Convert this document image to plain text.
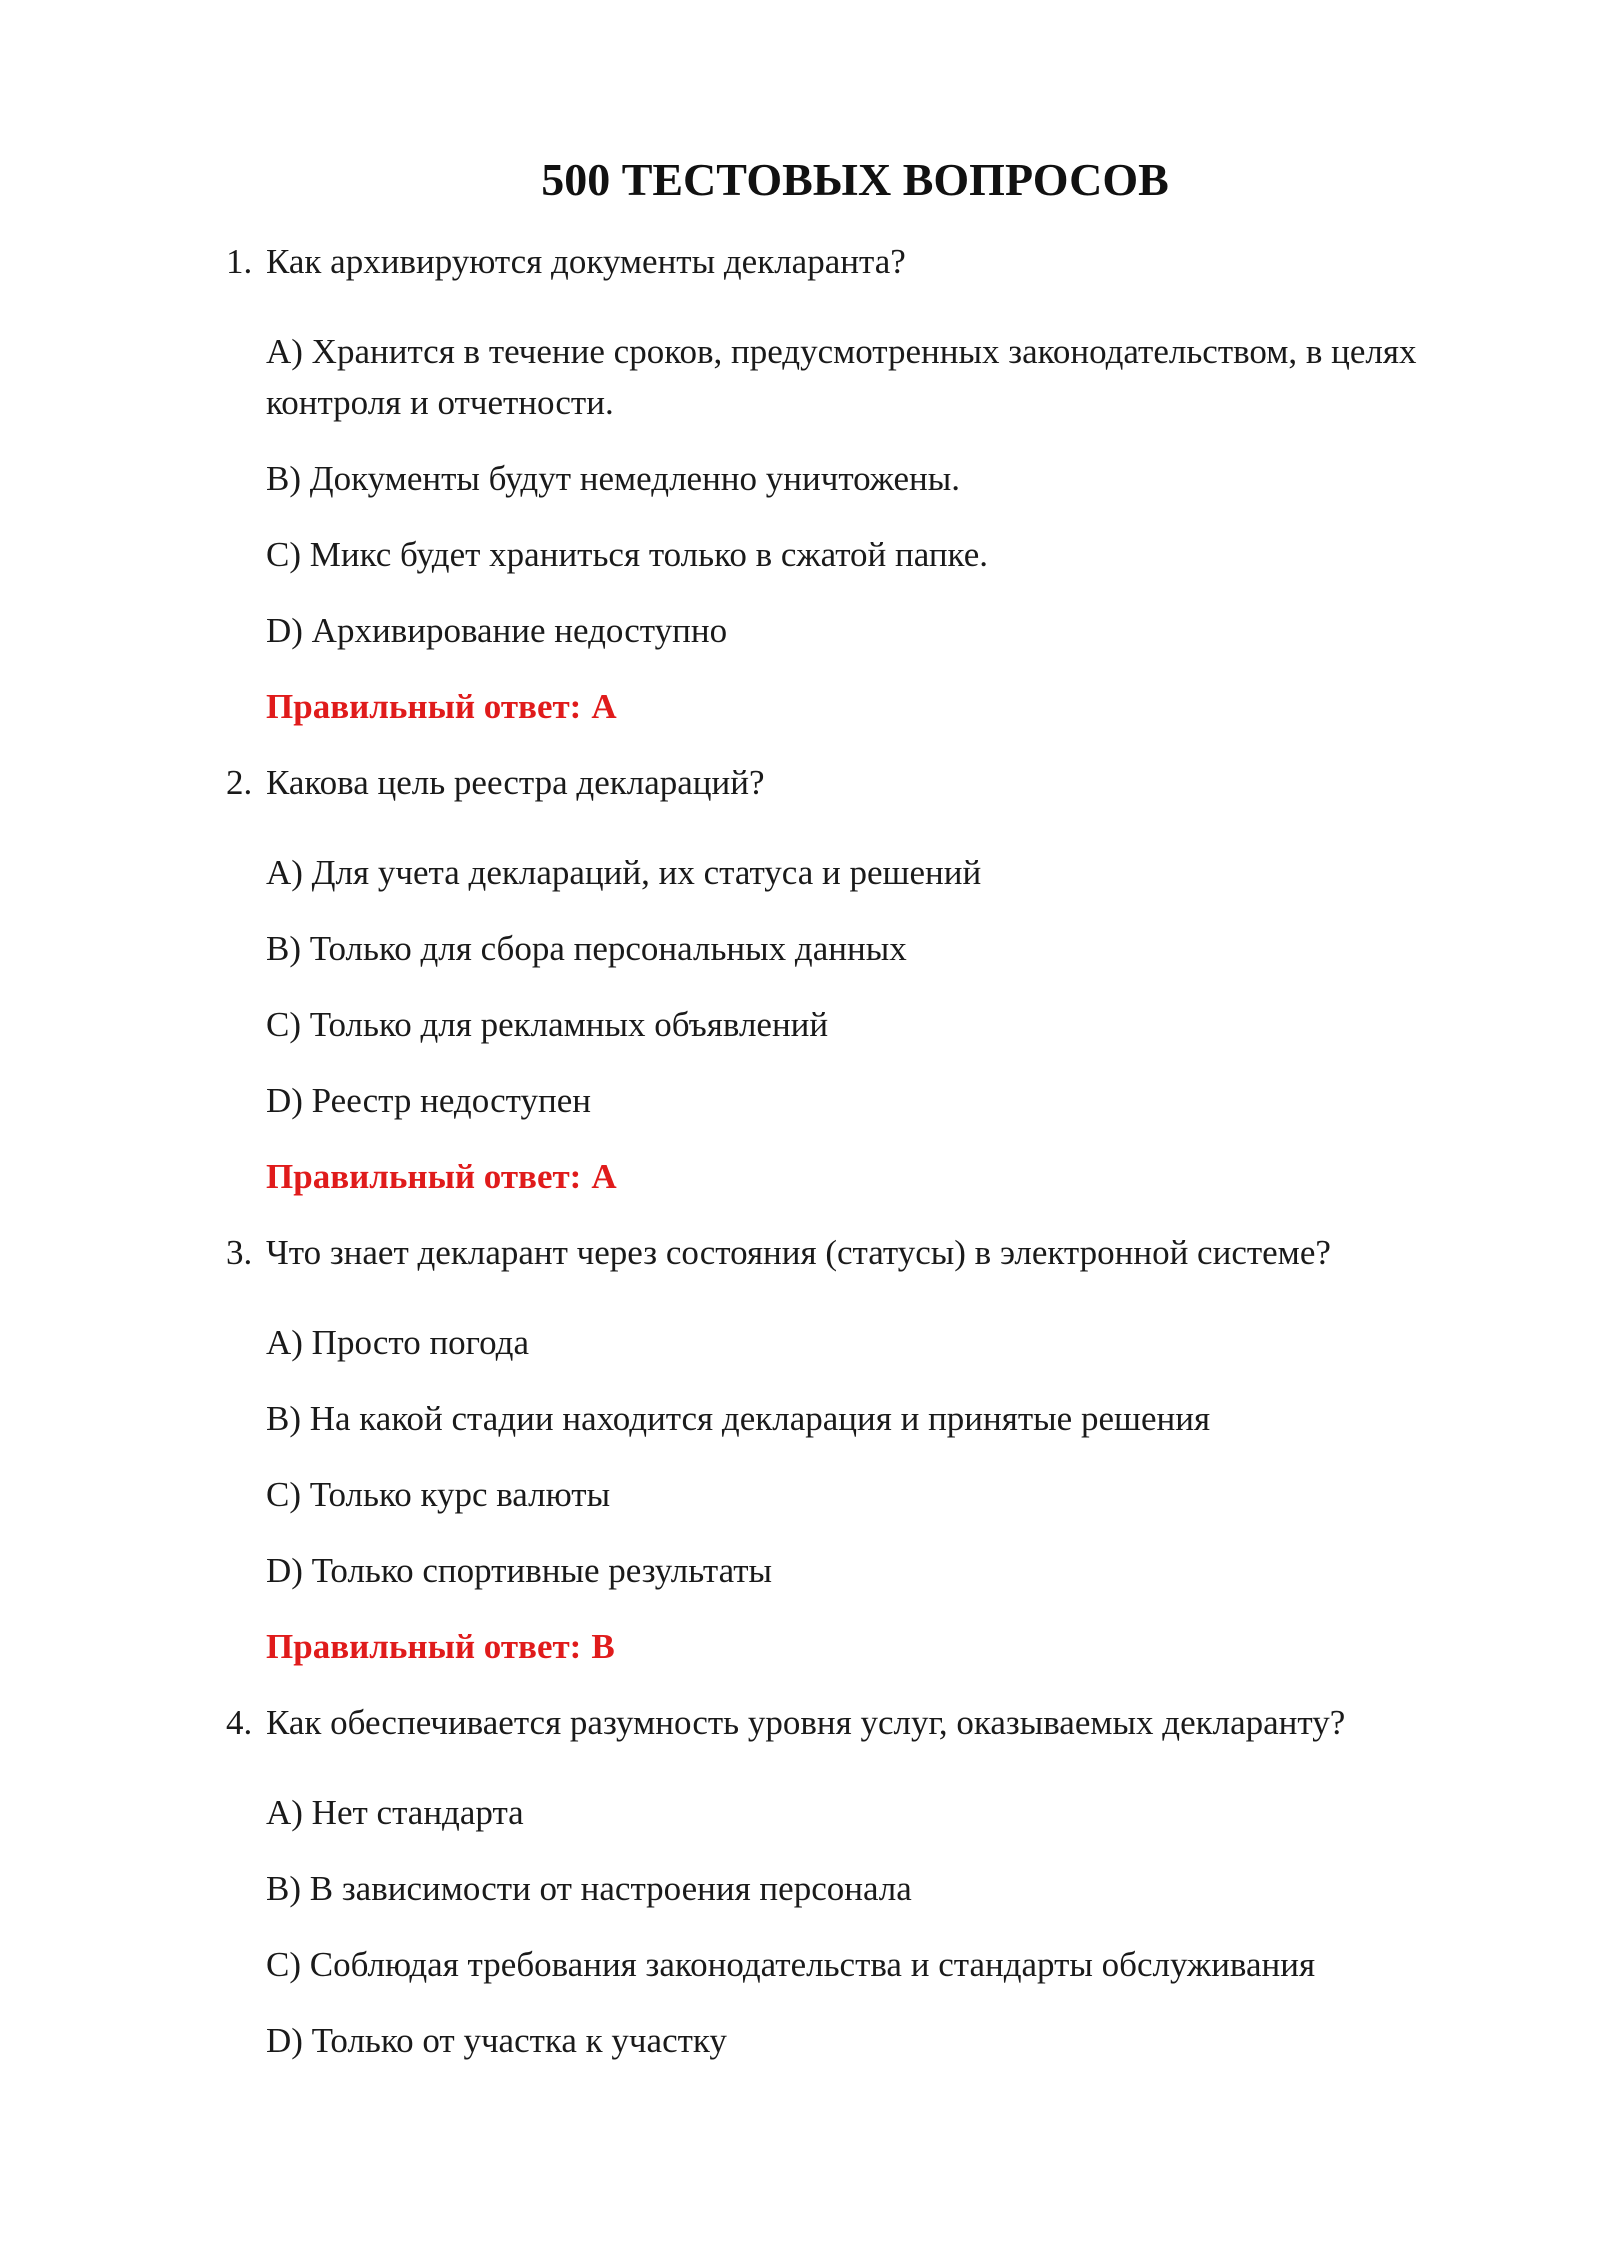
500 ТЕСТОВЫХ ВОПРОСОВ
1. Как архивируются документы декларанта?
A) Хранится в течение сроков, предусмотренных законодательством, в целях контроля и отчетности.
B) Документы будут немедленно уничтожены.
C) Микс будет храниться только в сжатой папке.
D) Архивирование недоступно
Правильный ответ: A
2. Какова цель реестра деклараций?
A) Для учета деклараций, их статуса и решений
B) Только для сбора персональных данных
C) Только для рекламных объявлений
D) Реестр недоступен
Правильный ответ: A
3. Что знает декларант через состояния (статусы) в электронной системе?
A) Просто погода
B) На какой стадии находится декларация и принятые решения
C) Только курс валюты
D) Только спортивные результаты
Правильный ответ: B
4. Как обеспечивается разумность уровня услуг, оказываемых декларанту?
A) Нет стандарта
B) В зависимости от настроения персонала
C) Соблюдая требования законодательства и стандарты обслуживания
D) Только от участка к участку
